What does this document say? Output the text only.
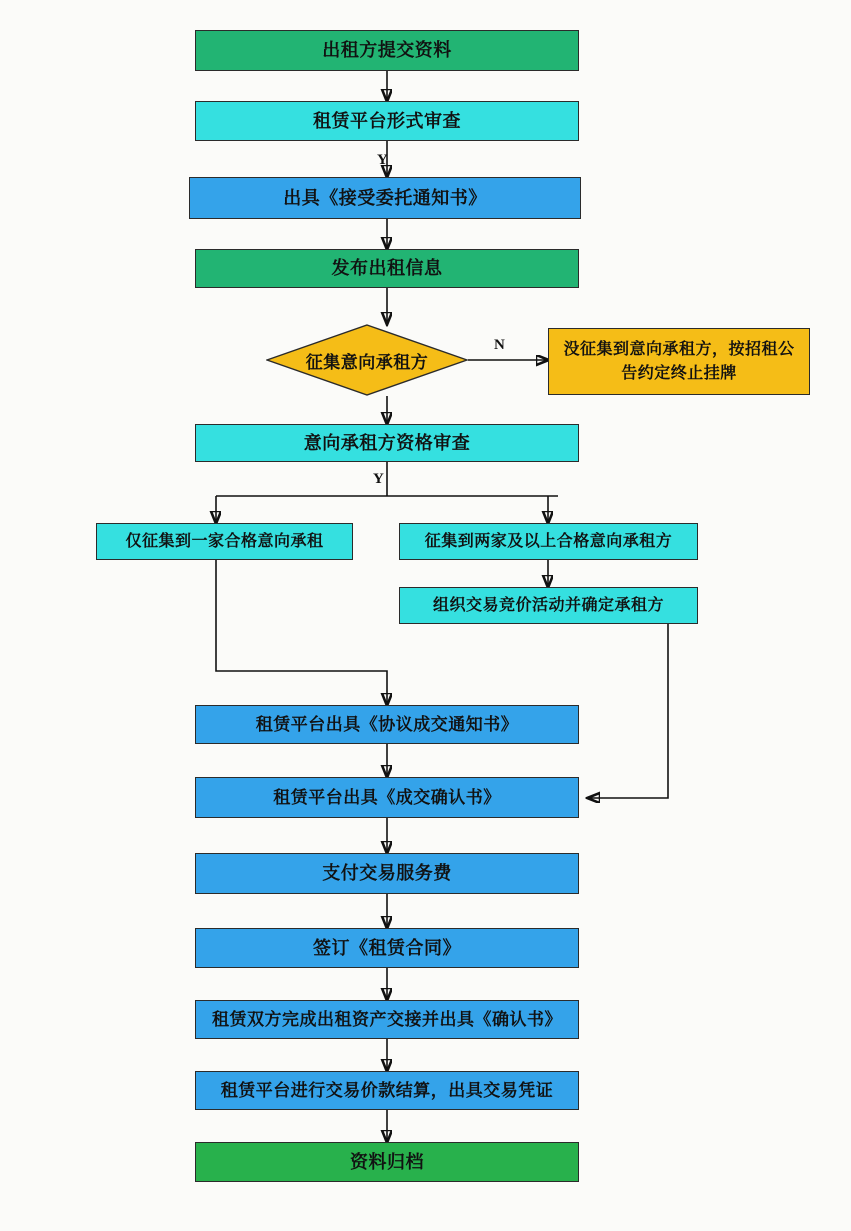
出租方提交资料
租赁平台形式审查
出具《接受委托通知书》
发布出租信息
征集意向承租方
没征集到意向承租方，按招租公告约定终止挂牌
意向承租方资格审查
仅征集到一家合格意向承租	征集到两家及以上合格意向承租方
组织交易竞价活动并确定承租方
租赁平台出具《协议成交通知书》
租赁平台出具《成交确认书》
支付交易服务费
签订《租赁合同》
租赁双方完成出租资产交接并出具《确认书》
租赁平台进行交易价款结算，出具交易凭证
资料归档
Y
N
Y
